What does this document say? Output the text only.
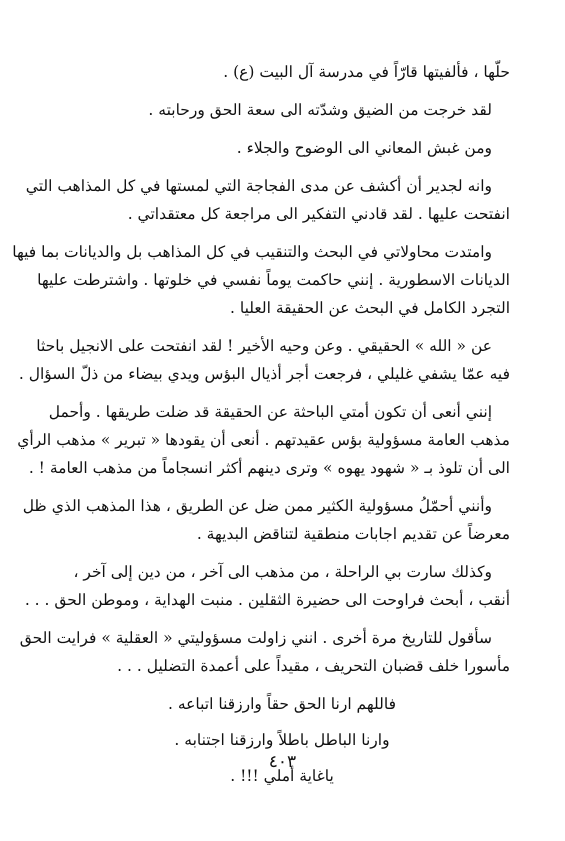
حلّها ، فألفيتها قارّاً في مدرسة آل البيت (ع) .
لقد خرجت من الضيق وشدّته الى سعة الحق ورحابته .
ومن غبش المعاني الى الوضوح والجلاء .
وانه لجدير أن أكشف عن مدى الفجاجة التي لمستها في كل المذاهب التي
انفتحت عليها . لقد قادني التفكير الى مراجعة كل معتقداتي .
وامتدت محاولاتي في البحث والتنقيب في كل المذاهب بل والديانات بما فيها
الديانات الاسطورية . إنني حاكمت يوماً نفسي في خلوتها . واشترطت عليها
التجرد الكامل في البحث عن الحقيقة العليا .
عن « الله » الحقيقي . وعن وحيه الأخير ! لقد انفتحت على الانجيل باحثا
فيه عمّا يشفي غليلي ، فرجعت أجر أذيال البؤس ويدي بيضاء من ذلّ السؤال .
إنني أنعى أن تكون أمتي الباحثة عن الحقيقة قد ضلت طريقها . وأحمل
مذهب العامة مسؤولية بؤس عقيدتهم . أنعى أن يقودها « تبرير » مذهب الرأي
الى أن تلوذ بـ « شهود يهوه » وترى دينهم أكثر انسجاماً من مذهب العامة ! .
وأنني أحمّلُ مسؤولية الكثير ممن ضل عن الطريق ، هذا المذهب الذي ظل
معرضاً عن تقديم اجابات منطقية لتناقض البديهة .
وكذلك سارت بي الراحلة ، من مذهب الى آخر ، من دين إلى آخر ،
أنقب ، أبحث فراوحت الى حضيرة الثقلين . منبت الهداية ، وموطن الحق . . .
سأقول للتاريخ مرة أخرى . انني زاولت مسؤوليتي « العقلية » فرايت الحق
مأسورا خلف قضبان التحريف ، مقيداً على أعمدة التضليل . . .
فاللهم ارنا الحق حقاً وارزقنا اتباعه .
وارنا الباطل باطلاً وارزقنا اجتنابه .
ياغاية أملي !!! .
٤٠٣
